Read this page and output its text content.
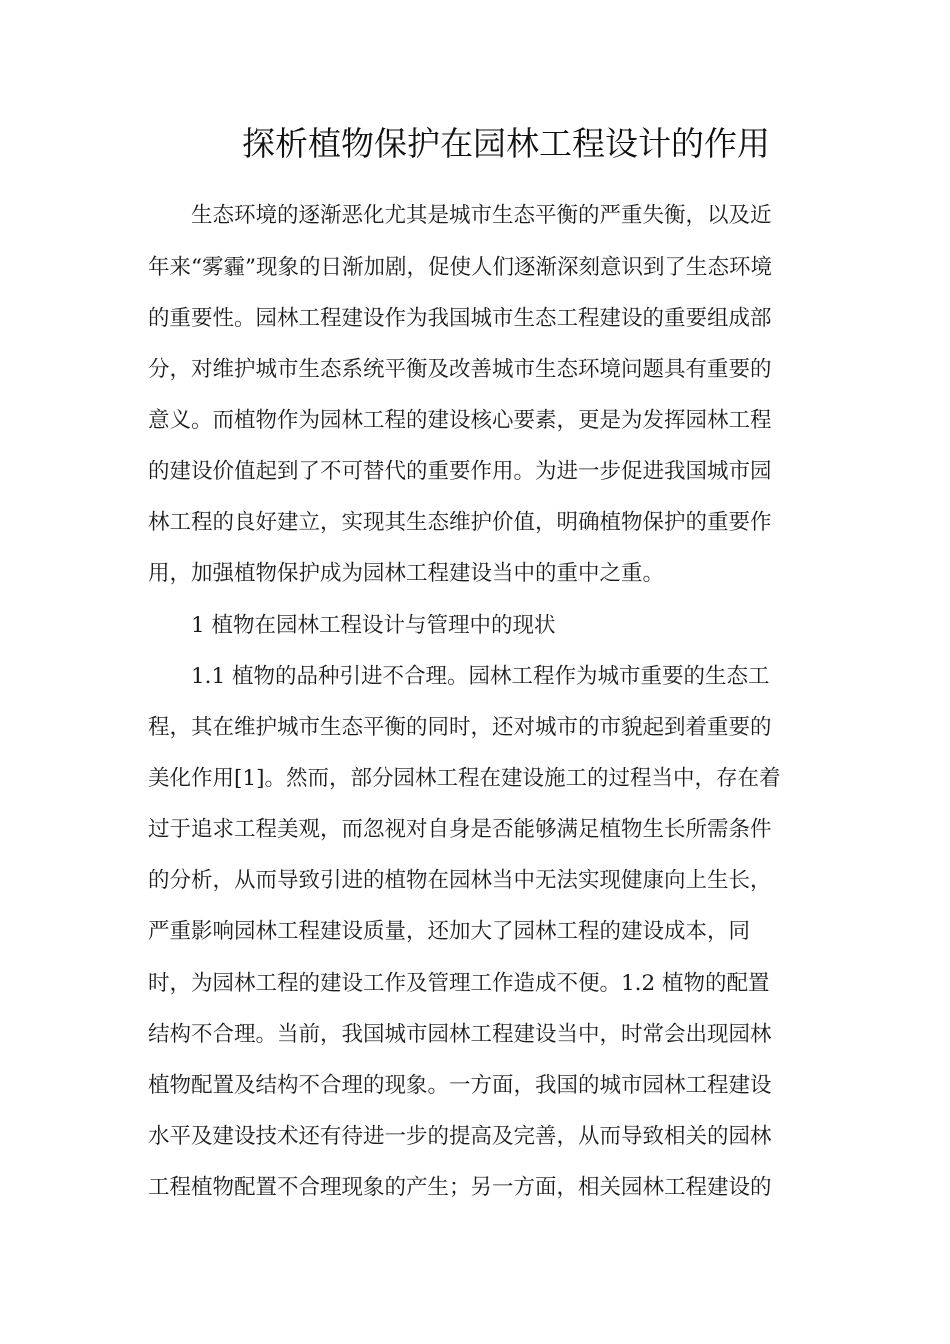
探析植物保护在园林工程设计的作用
生态环境的逐渐恶化尤其是城市生态平衡的严重失衡，以及近
年来“雾霾”现象的日渐加剧，促使人们逐渐深刻意识到了生态环境
的重要性。园林工程建设作为我国城市生态工程建设的重要组成部
分，对维护城市生态系统平衡及改善城市生态环境问题具有重要的
意义。而植物作为园林工程的建设核心要素，更是为发挥园林工程
的建设价值起到了不可替代的重要作用。为进一步促进我国城市园
林工程的良好建立，实现其生态维护价值，明确植物保护的重要作
用，加强植物保护成为园林工程建设当中的重中之重。
1 植物在园林工程设计与管理中的现状
1.1 植物的品种引进不合理。园林工程作为城市重要的生态工
程，其在维护城市生态平衡的同时，还对城市的市貌起到着重要的
美化作用[1]。然而，部分园林工程在建设施工的过程当中，存在着
过于追求工程美观，而忽视对自身是否能够满足植物生长所需条件
的分析，从而导致引进的植物在园林当中无法实现健康向上生长，
严重影响园林工程建设质量，还加大了园林工程的建设成本，同
时，为园林工程的建设工作及管理工作造成不便。1.2 植物的配置
结构不合理。当前，我国城市园林工程建设当中，时常会出现园林
植物配置及结构不合理的现象。一方面，我国的城市园林工程建设
水平及建设技术还有待进一步的提高及完善，从而导致相关的园林
工程植物配置不合理现象的产生；另一方面，相关园林工程建设的
